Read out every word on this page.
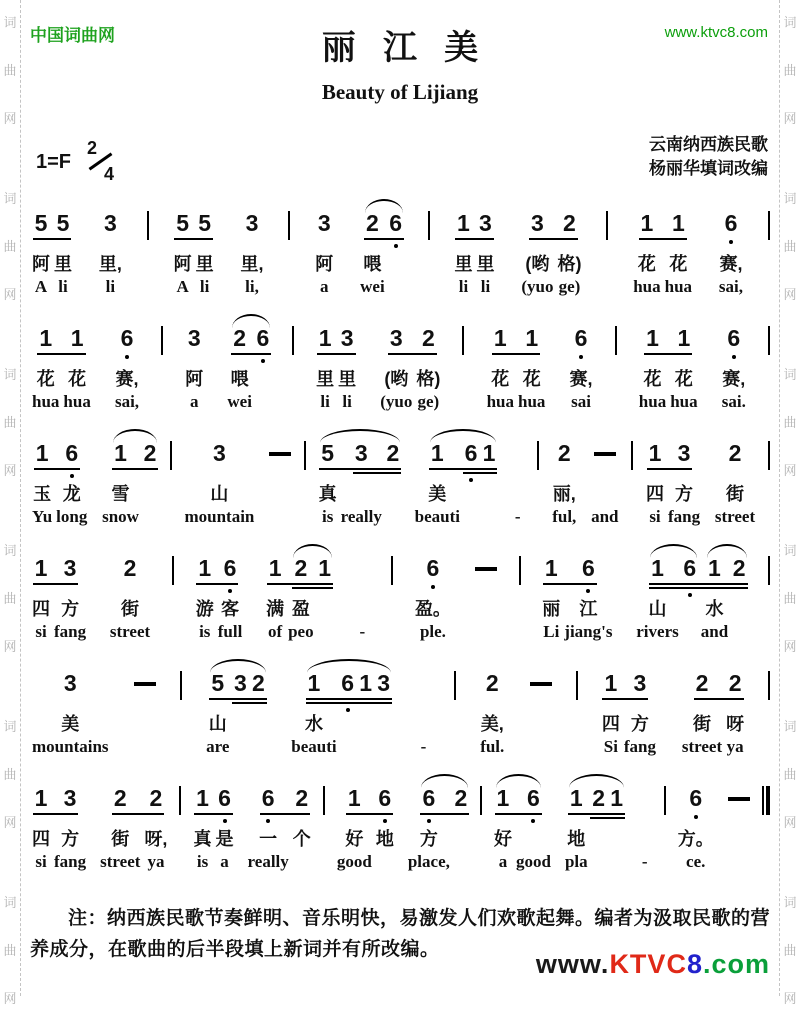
词
曲
网
词
曲
网
词
曲
网
词
曲
网
词
曲
网
词
曲
网
词
曲
网
词
曲
网
词
曲
网
词
曲
网
词
曲
网
词
曲
网
中国词曲网	www.ktvc8.com
丽江美
Beauty of Lijiang
1=F
2
4
云南纳西族民歌
杨丽华填词改编
5
阿
A
5
里
li
3
里,
li
5
阿
A
5
里
li
3
里,
li,
3
阿
a
2
喂
wei
6 1
里
li
3
里
li
3
(哟
(yuo
2
格)
ge)
1
花
hua
1
花
hua
6
赛,
sai,
1
花
hua
1
花
hua
6
赛,
sai,
3
阿
a
2
喂
wei
6 1
里
li
3
里
li
3
(哟
(yuo
2
格)
ge)
1
花
hua
1
花
hua
6
赛,
sai
1
花
hua
1
花
hua
6
赛,
sai.
1
玉
Yu
6
龙
long
1
雪
snow
2 3
山
mountain
5
真
is
3
really
2 1
美
beauti
6 1
-
2
丽,
ful, and
1
四
si
3
方
fang
2
街
street
1
四
si
3
方
fang
2
街
street
1
游
is
6
客
full
1
满
of
2
盈
peo
1
-
6
盈。
ple.
1
丽
Li
6
江
jiang's
1
山
rivers
6 1
水
and
2
3
美
mountains
5
山
are
3 2 1
水
beauti
6 1 3
-
2
美,
ful.
1
四
Si
3
方
fang
2
街
street
2
呀
ya
1
四
si
3
方
fang
2
街
street
2
呀,
ya
1
真
is
6
是
a
6
一
really
2
个
1
好
good
6
地
6
方
place,
2 1
好
a
6
good
1
地
pla
2 1
-
6
方。
ce.
注：纳西族民歌节奏鲜明、音乐明快，易激发人们欢歌起舞。编者为汲取民歌的营养成分，在歌曲的后半段填上新词并有所改编。	www.KTVC8.com
